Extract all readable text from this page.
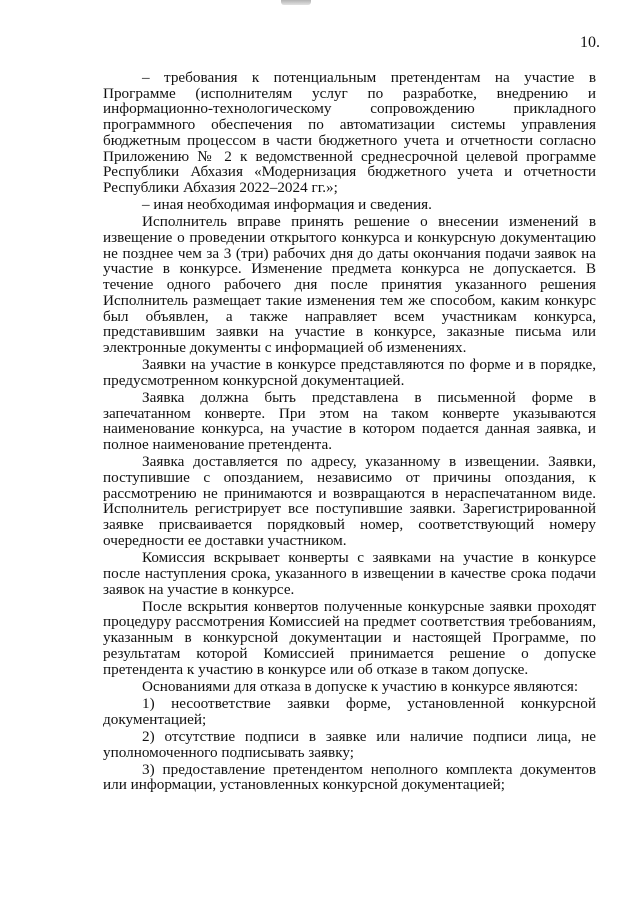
10.

– требования к потенциальным претендентам на участие в Программе (исполнителям услуг по разработке, внедрению и информационно-технологическому сопровождению прикладного программного обеспечения по автоматизации системы управления бюджетным процессом в части бюджетного учета и отчетности согласно Приложению № 2 к ведомственной среднесрочной целевой программе Республики Абхазия «Модернизация бюджетного учета и отчетности Республики Абхазия 2022–2024 гг.»;

– иная необходимая информация и сведения.

Исполнитель вправе принять решение о внесении изменений в извещение о проведении открытого конкурса и конкурсную документацию не позднее чем за 3 (три) рабочих дня до даты окончания подачи заявок на участие в конкурсе. Изменение предмета конкурса не допускается. В течение одного рабочего дня после принятия указанного решения Исполнитель размещает такие изменения тем же способом, каким конкурс был объявлен, а также направляет всем участникам конкурса, представившим заявки на участие в конкурсе, заказные письма или электронные документы с информацией об изменениях.

Заявки на участие в конкурсе представляются по форме и в порядке, предусмотренном конкурсной документацией.

Заявка должна быть представлена в письменной форме в запечатанном конверте. При этом на таком конверте указываются наименование конкурса, на участие в котором подается данная заявка, и полное наименование претендента.

Заявка доставляется по адресу, указанному в извещении. Заявки, поступившие с опозданием, независимо от причины опоздания, к рассмотрению не принимаются и возвращаются в нераспечатанном виде. Исполнитель регистрирует все поступившие заявки. Зарегистрированной заявке присваивается порядковый номер, соответствующий номеру очередности ее доставки участником.

Комиссия вскрывает конверты с заявками на участие в конкурсе после наступления срока, указанного в извещении в качестве срока подачи заявок на участие в конкурсе.

После вскрытия конвертов полученные конкурсные заявки проходят процедуру рассмотрения Комиссией на предмет соответствия требованиям, указанным в конкурсной документации и настоящей Программе, по результатам которой Комиссией принимается решение о допуске претендента к участию в конкурсе или об отказе в таком допуске.

Основаниями для отказа в допуске к участию в конкурсе являются:

1) несоответствие заявки форме, установленной конкурсной документацией;

2) отсутствие подписи в заявке или наличие подписи лица, не уполномоченного подписывать заявку;

3) предоставление претендентом неполного комплекта документов или информации, установленных конкурсной документацией;
